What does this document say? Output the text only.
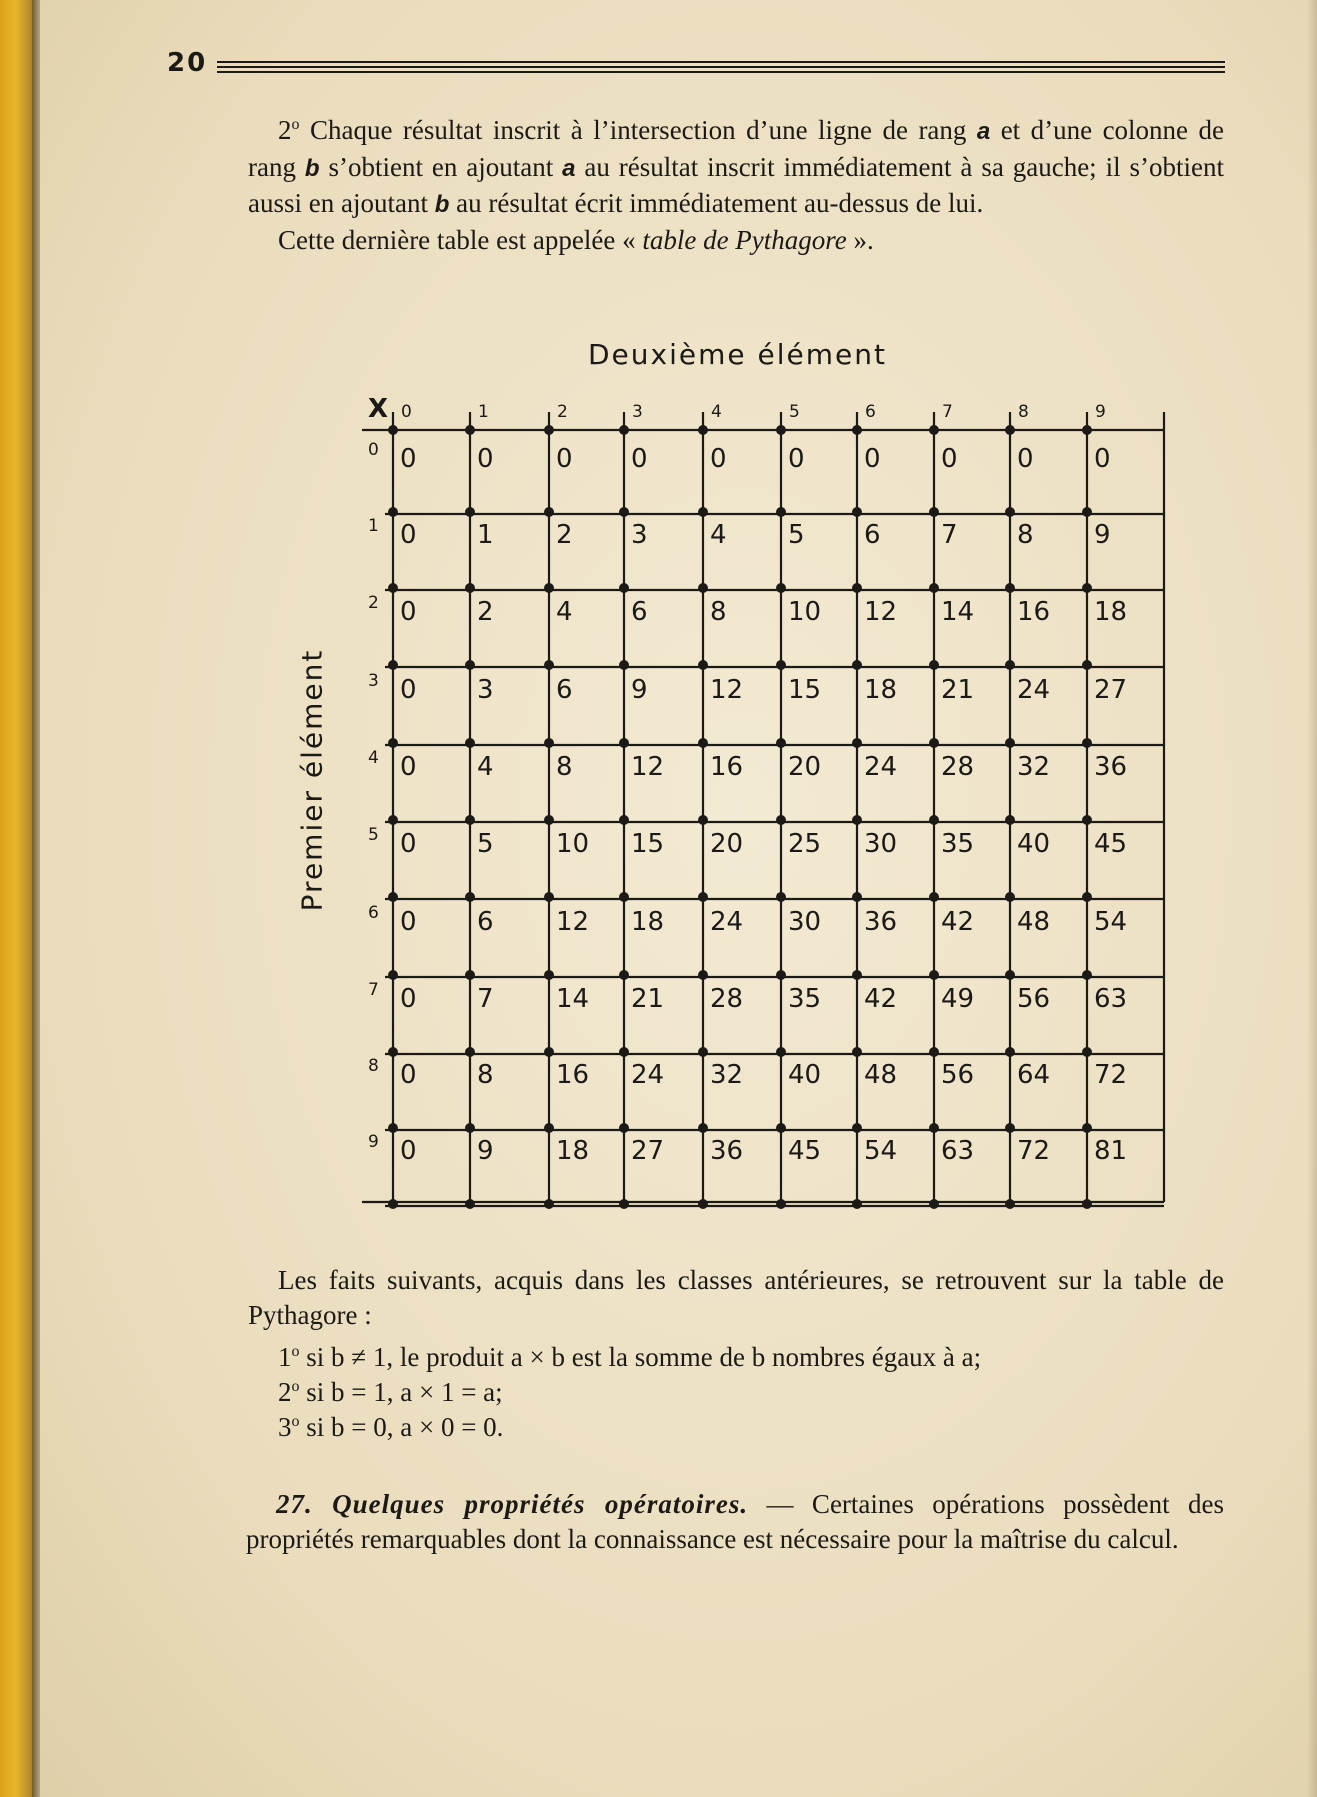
20

2$^o$ Chaque résultat inscrit à l’intersection d’une ligne de rang a et d’une colonne de rang b s’obtient en ajoutant a au résultat inscrit immédiatement à sa gauche; il s’obtient aussi en ajoutant b au résultat écrit immédiatement au-dessus de lui.

Cette dernière table est appelée « table de Pythagore ».

Deuxième élément
Premier élément
X 0	1	2	3	4	5	6	7	8	9
0 0 0 0 0 0 0 0 0 0 0
1 0 1 2 3 4 5 6 7 8 9
2 0 2 4 6 8 10 12 14 16 18
3 0 3 6 9 12 15 18 21 24 27
4 0 4 8 12 16 20 24 28 32 36
5 0 5 10 15 20 25 30 35 40 45
6 0 6 12 18 24 30 36 42 48 54
7 0 7 14 21 28 35 42 49 56 63
8 0 8 16 24 32 40 48 56 64 72
9 0 9 18 27 36 45 54 63 72 81

Les faits suivants, acquis dans les classes antérieures, se retrouvent sur la table de Pythagore :

1$^o$ si b ≠ 1, le produit a × b est la somme de b nombres égaux à a;
2$^o$ si b = 1, a × 1 = a;
3$^o$ si b = 0, a × 0 = 0.

27. Quelques propriétés opératoires. — Certaines opérations possèdent des propriétés remarquables dont la connaissance est nécessaire pour la maîtrise du calcul.
